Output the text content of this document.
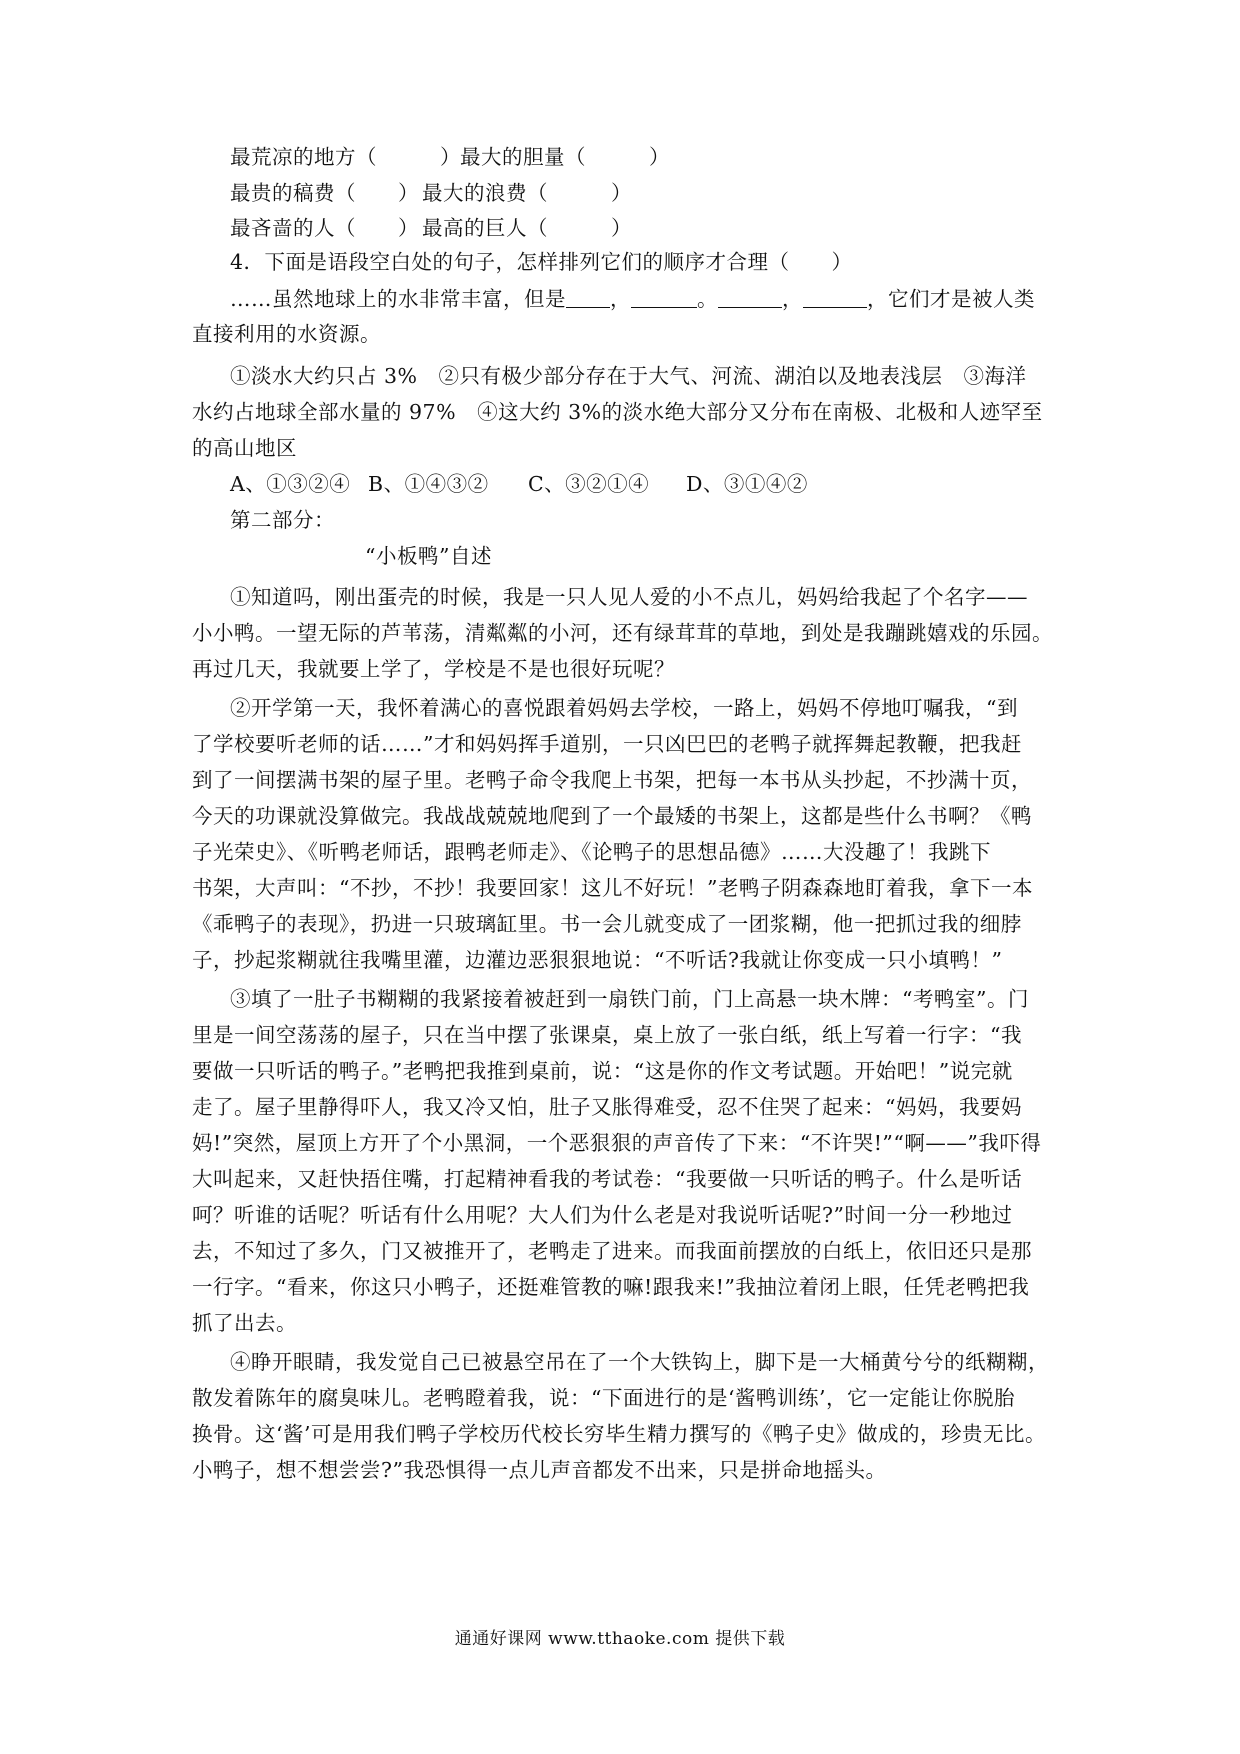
最荒凉的地方（　　　） 最大的胆量（　　　）
最贵的稿费（　　） 最大的浪费（　　　）
最吝啬的人（　　） 最高的巨人（　　　）
4．下面是语段空白处的句子，怎样排列它们的顺序才合理（　　）
……虽然地球上的水非常丰富，但是 ，	。	，	，它们才是被人类
直接利用的水资源。
①淡水大约只占 3%　②只有极少部分存在于大气、河流、湖泊以及地表浅层　③海洋
水约占地球全部水量的 97%　④这大约 3%的淡水绝大部分又分布在南极、北极和人迹罕至
的高山地区
A、①③②④ B、①④③② C、③②①④ D、③①④②
第二部分：
“小板鸭”自述
①知道吗，刚出蛋壳的时候，我是一只人见人爱的小不点儿，妈妈给我起了个名字——
小小鸭。一望无际的芦苇荡，清粼粼的小河，还有绿茸茸的草地，到处是我蹦跳嬉戏的乐园。
再过几天，我就要上学了，学校是不是也很好玩呢？
②开学第一天，我怀着满心的喜悦跟着妈妈去学校，一路上，妈妈不停地叮嘱我，“到
了学校要听老师的话……”才和妈妈挥手道别，一只凶巴巴的老鸭子就挥舞起教鞭，把我赶
到了一间摆满书架的屋子里。老鸭子命令我爬上书架，把每一本书从头抄起，不抄满十页，
今天的功课就没算做完。我战战兢兢地爬到了一个最矮的书架上，这都是些什么书啊？《鸭
子光荣史》、《听鸭老师话，跟鸭老师走》、《论鸭子的思想品德》……大没趣了！我跳下
书架，大声叫：“不抄，不抄！我要回家！这儿不好玩！”老鸭子阴森森地盯着我，拿下一本
《乖鸭子的表现》，扔进一只玻璃缸里。书一会儿就变成了一团浆糊，他一把抓过我的细脖
子，抄起浆糊就往我嘴里灌，边灌边恶狠狠地说：“不听话?我就让你变成一只小填鸭！”
③填了一肚子书糊糊的我紧接着被赶到一扇铁门前，门上高悬一块木牌：“考鸭室”。门
里是一间空荡荡的屋子，只在当中摆了张课桌，桌上放了一张白纸，纸上写着一行字：“我
要做一只听话的鸭子。”老鸭把我推到桌前，说：“这是你的作文考试题。开始吧！”说完就
走了。屋子里静得吓人，我又冷又怕，肚子又胀得难受，忍不住哭了起来：“妈妈，我要妈
妈!”突然，屋顶上方开了个小黑洞，一个恶狠狠的声音传了下来：“不许哭!”“啊——”我吓得
大叫起来，又赶快捂住嘴，打起精神看我的考试卷：“我要做一只听话的鸭子。什么是听话
呵？听谁的话呢？听话有什么用呢？大人们为什么老是对我说听话呢?”时间一分一秒地过
去，不知过了多久，门又被推开了，老鸭走了进来。而我面前摆放的白纸上，依旧还只是那
一行字。“看来，你这只小鸭子，还挺难管教的嘛!跟我来!”我抽泣着闭上眼，任凭老鸭把我
抓了出去。
④睁开眼睛，我发觉自己已被悬空吊在了一个大铁钩上，脚下是一大桶黄兮兮的纸糊糊，
散发着陈年的腐臭味儿。老鸭瞪着我，说：“下面进行的是‘酱鸭训练’，它一定能让你脱胎
换骨。这‘酱’可是用我们鸭子学校历代校长穷毕生精力撰写的《鸭子史》做成的，珍贵无比。
小鸭子，想不想尝尝?”我恐惧得一点儿声音都发不出来，只是拼命地摇头。
通通好课网 www.tthaoke.com 提供下载
